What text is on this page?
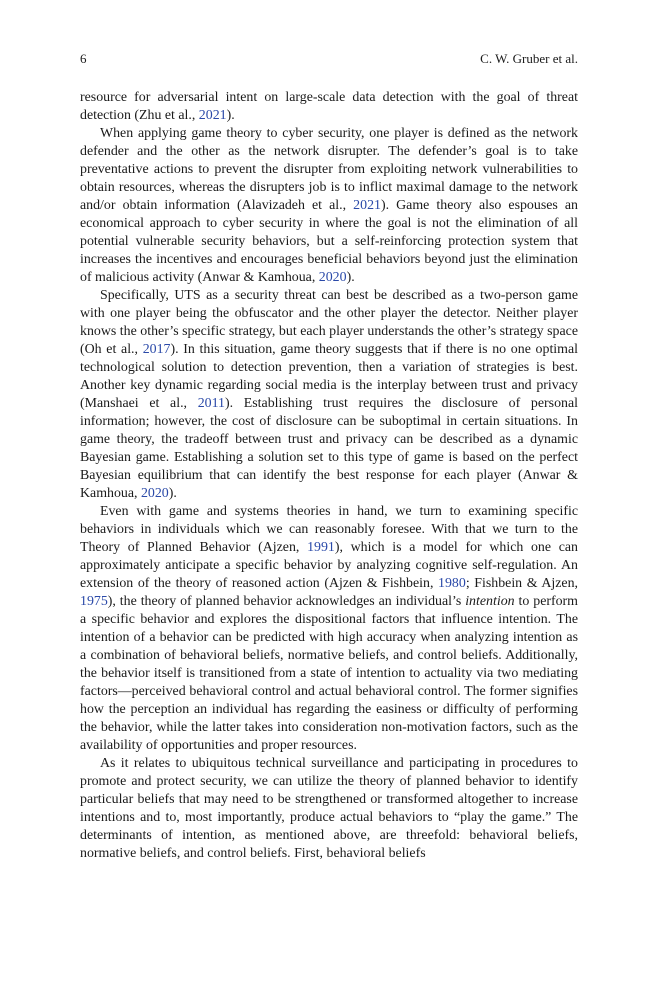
6	C. W. Gruber et al.

resource for adversarial intent on large-scale data detection with the goal of threat detection (Zhu et al., 2021).

When applying game theory to cyber security, one player is defined as the network defender and the other as the network disrupter. The defender’s goal is to take preventative actions to prevent the disrupter from exploiting network vulnerabilities to obtain resources, whereas the disrupters job is to inflict maximal damage to the network and/or obtain information (Alavizadeh et al., 2021). Game theory also espouses an economical approach to cyber security in where the goal is not the elimination of all potential vulnerable security behaviors, but a self-reinforcing protection system that increases the incentives and encourages beneficial behaviors beyond just the elimination of malicious activity (Anwar & Kamhoua, 2020).

Specifically, UTS as a security threat can best be described as a two-person game with one player being the obfuscator and the other player the detector. Neither player knows the other’s specific strategy, but each player understands the other’s strategy space (Oh et al., 2017). In this situation, game theory suggests that if there is no one optimal technological solution to detection prevention, then a variation of strategies is best. Another key dynamic regarding social media is the interplay between trust and privacy (Manshaei et al., 2011). Establishing trust requires the disclosure of personal information; however, the cost of disclosure can be suboptimal in certain situations. In game theory, the tradeoff between trust and privacy can be described as a dynamic Bayesian game. Establishing a solution set to this type of game is based on the perfect Bayesian equilibrium that can identify the best response for each player (Anwar & Kamhoua, 2020).

Even with game and systems theories in hand, we turn to examining specific behaviors in individuals which we can reasonably foresee. With that we turn to the Theory of Planned Behavior (Ajzen, 1991), which is a model for which one can approximately anticipate a specific behavior by analyzing cognitive self-regulation. An extension of the theory of reasoned action (Ajzen & Fishbein, 1980; Fishbein & Ajzen, 1975), the theory of planned behavior acknowledges an individual’s intention to perform a specific behavior and explores the dispositional factors that influence intention. The intention of a behavior can be predicted with high accuracy when analyzing intention as a combination of behavioral beliefs, normative beliefs, and control beliefs. Additionally, the behavior itself is transitioned from a state of intention to actuality via two mediating factors—perceived behavioral control and actual behavioral control. The former signifies how the perception an individual has regarding the easiness or difficulty of performing the behavior, while the latter takes into consideration non-motivation factors, such as the availability of opportunities and proper resources.

As it relates to ubiquitous technical surveillance and participating in procedures to promote and protect security, we can utilize the theory of planned behavior to identify particular beliefs that may need to be strengthened or transformed altogether to increase intentions and to, most importantly, produce actual behaviors to “play the game.” The determinants of intention, as mentioned above, are threefold: behavioral beliefs, normative beliefs, and control beliefs. First, behavioral beliefs
